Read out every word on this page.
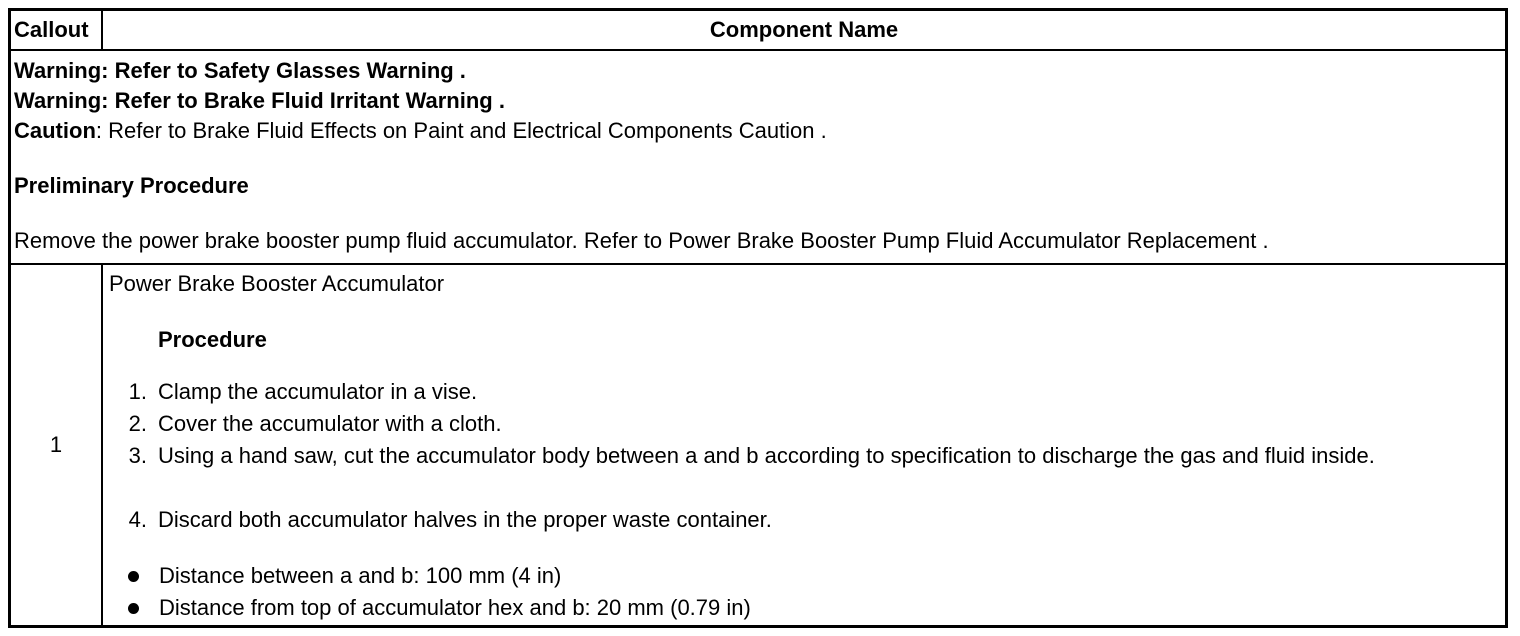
Callout	Component Name
Warning: Refer to Safety Glasses Warning .
Warning: Refer to Brake Fluid Irritant Warning .
Caution: Refer to Brake Fluid Effects on Paint and Electrical Components Caution .
Preliminary Procedure
Remove the power brake booster pump fluid accumulator. Refer to Power Brake Booster Pump Fluid Accumulator Replacement .
1
Power Brake Booster Accumulator
Procedure
1. Clamp the accumulator in a vise.
2. Cover the accumulator with a cloth.
3. Using a hand saw, cut the accumulator body between a and b according to specification to discharge the gas and fluid inside.
4. Discard both accumulator halves in the proper waste container.
Distance between a and b: 100 mm (4 in)
Distance from top of accumulator hex and b: 20 mm (0.79 in)
